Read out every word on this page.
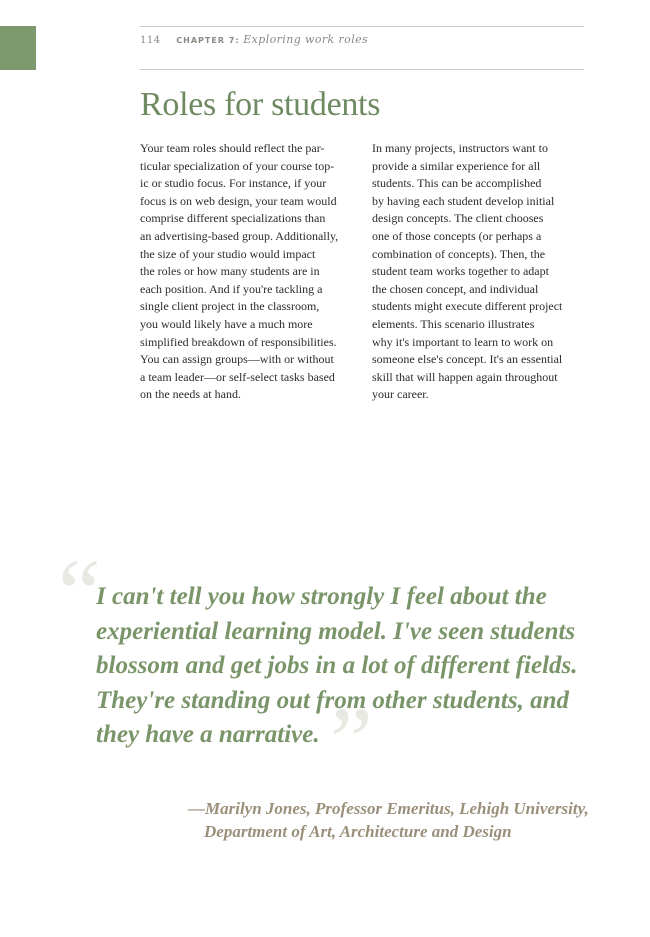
114 CHAPTER 7: Exploring work roles
Roles for students
Your team roles should reflect the par-
ticular specialization of your course top-
ic or studio focus. For instance, if your
focus is on web design, your team would
comprise different specializations than
an advertising-based group. Additionally,
the size of your studio would impact
the roles or how many students are in
each position. And if you're tackling a
single client project in the classroom,
you would likely have a much more
simplified breakdown of responsibilities.
You can assign groups—with or without
a team leader—or self-select tasks based
on the needs at hand.
In many projects, instructors want to
provide a similar experience for all
students. This can be accomplished
by having each student develop initial
design concepts. The client chooses
one of those concepts (or perhaps a
combination of concepts). Then, the
student team works together to adapt
the chosen concept, and individual
students might execute different project
elements. This scenario illustrates
why it's important to learn to work on
someone else's concept. It's an essential
skill that will happen again throughout
your career.
“
I can't tell you how strongly I feel about the
experiential learning model. I've seen students
blossom and get jobs in a lot of different fields.
They're standing out from other students, and
they have a narrative. ”
—Marilyn Jones, Professor Emeritus, Lehigh University,
Department of Art, Architecture and Design
